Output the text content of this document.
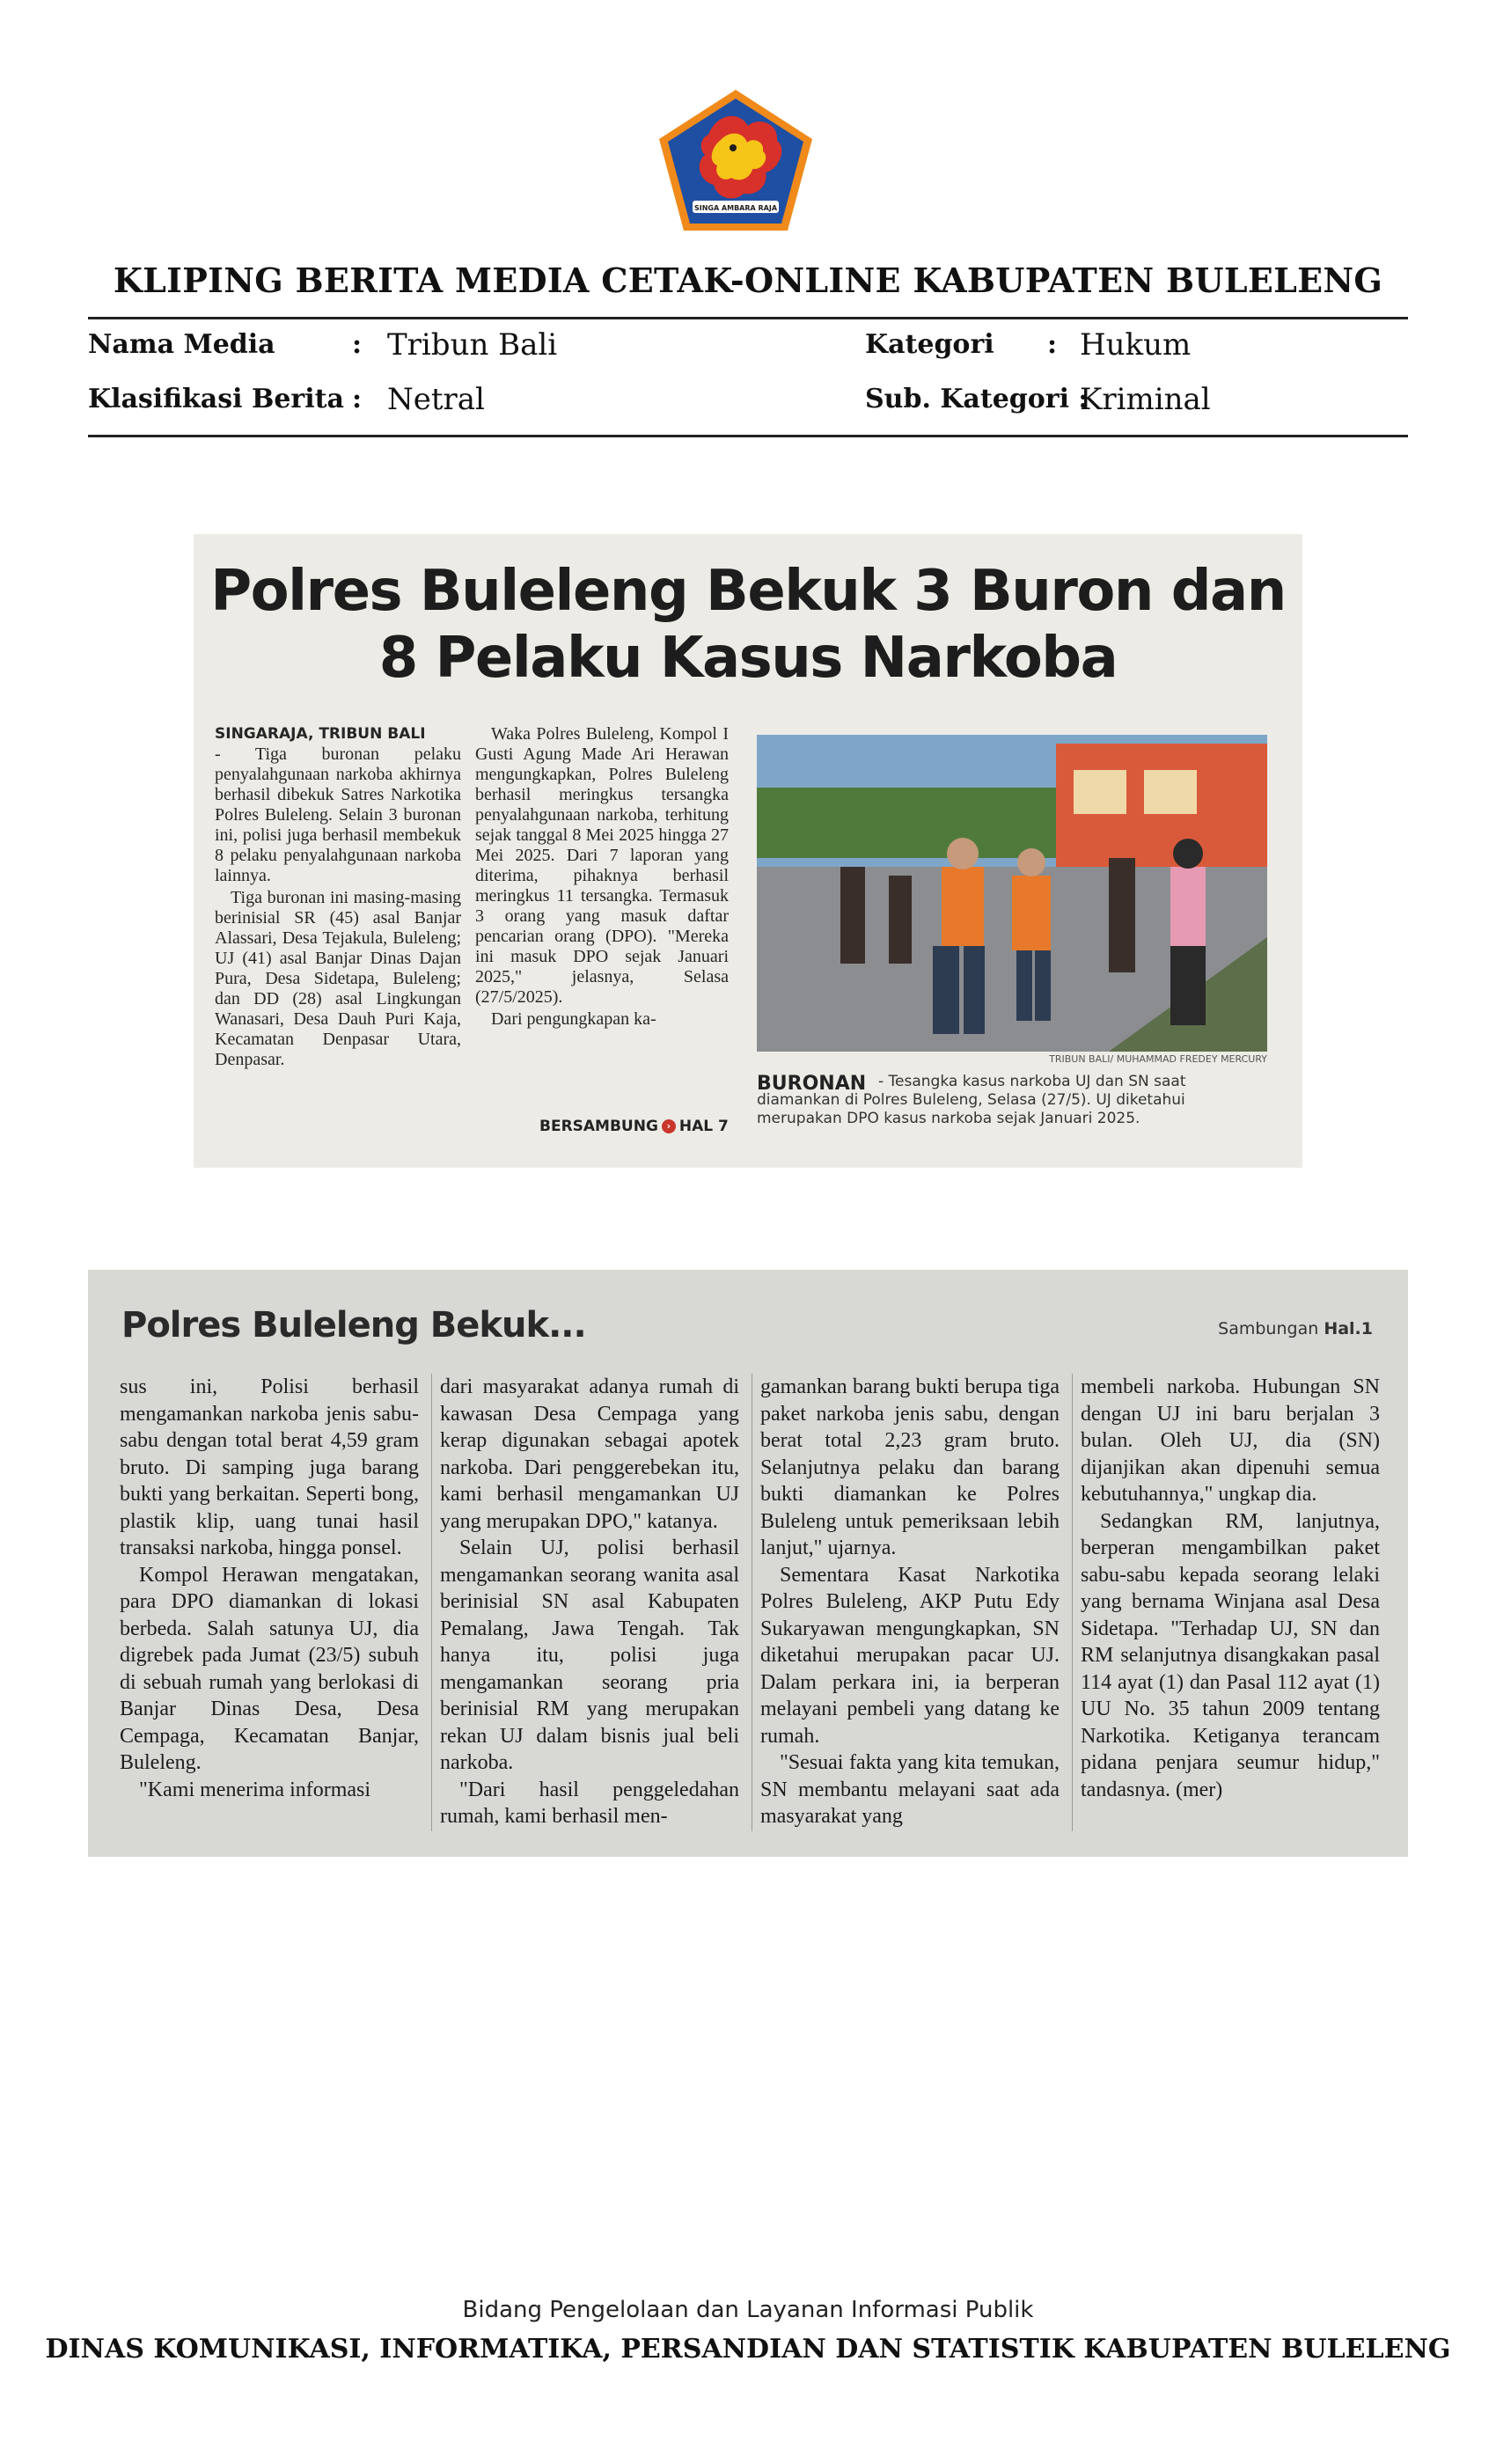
SINGA AMBARA RAJA
KLIPING BERITA MEDIA CETAK-ONLINE KABUPATEN BULELENG
Nama Media	: Tribun Bali
Klasifikasi Berita : Netral
Kategori : Hukum
Sub. Kategori :
Kriminal
Polres Buleleng Bekuk 3 Buron dan
8 Pelaku Kasus Narkoba
SINGARAJA, TRIBUN BALI

- Tiga buronan pelaku penyalahgunaan narkoba akhirnya berhasil dibekuk Satres Narkotika Polres Buleleng. Selain 3 buronan ini, polisi juga berhasil membekuk 8 pelaku penyalahgunaan narkoba lainnya.

Tiga buronan ini masing-masing berinisial SR (45) asal Banjar Alassari, Desa Tejakula, Buleleng; UJ (41) asal Banjar Dinas Dajan Pura, Desa Sidetapa, Buleleng; dan DD (28) asal Lingkungan Wanasari, Desa Dauh Puri Kaja, Kecamatan Denpasar Utara, Denpasar.

Waka Polres Buleleng, Kompol I Gusti Agung Made Ari Herawan mengungkapkan, Polres Buleleng berhasil meringkus tersangka penyalahgunaan narkoba, terhitung sejak tanggal 8 Mei 2025 hingga 27 Mei 2025. Dari 7 laporan yang diterima, pihaknya berhasil meringkus 11 tersangka. Termasuk 3 orang yang masuk daftar pencarian orang (DPO). "Mereka ini masuk DPO sejak Januari 2025," jelasnya, Selasa (27/5/2025).

Dari pengungkapan ka-

BERSAMBUNG › HAL 7
TRIBUN BALI/ MUHAMMAD FREDEY MERCURY
- Tesangka kasus narkoba UJ dan SN saat diamankan di Polres Buleleng, Selasa (27/5). UJ diketahui merupakan DPO kasus narkoba sejak Januari 2025.
BURONAN
Polres Buleleng Bekuk...	Sambungan Hal.1

sus ini, Polisi berhasil mengamankan narkoba jenis sabu-sabu dengan total berat 4,59 gram bruto. Di samping juga barang bukti yang berkaitan. Seperti bong, plastik klip, uang tunai hasil transaksi narkoba, hingga ponsel.

Kompol Herawan mengatakan, para DPO diamankan di lokasi berbeda. Salah satunya UJ, dia digrebek pada Jumat (23/5) subuh di sebuah rumah yang berlokasi di Banjar Dinas Desa, Desa Cempaga, Kecamatan Banjar, Buleleng.

"Kami menerima informasi

dari masyarakat adanya rumah di kawasan Desa Cempaga yang kerap digunakan sebagai apotek narkoba. Dari penggerebekan itu, kami berhasil mengamankan UJ yang merupakan DPO," katanya.

Selain UJ, polisi berhasil mengamankan seorang wanita asal berinisial SN asal Kabupaten Pemalang, Jawa Tengah. Tak hanya itu, polisi juga mengamankan seorang pria berinisial RM yang merupakan rekan UJ dalam bisnis jual beli narkoba.

"Dari hasil penggeledahan rumah, kami berhasil men-

gamankan barang bukti berupa tiga paket narkoba jenis sabu, dengan berat total 2,23 gram bruto. Selanjutnya pelaku dan barang bukti diamankan ke Polres Buleleng untuk pemeriksaan lebih lanjut," ujarnya.

Sementara Kasat Narkotika Polres Buleleng, AKP Putu Edy Sukaryawan mengungkapkan, SN diketahui merupakan pacar UJ. Dalam perkara ini, ia berperan melayani pembeli yang datang ke rumah.

"Sesuai fakta yang kita temukan, SN membantu melayani saat ada masyarakat yang

membeli narkoba. Hubungan SN dengan UJ ini baru berjalan 3 bulan. Oleh UJ, dia (SN) dijanjikan akan dipenuhi semua kebutuhannya," ungkap dia.

Sedangkan RM, lanjutnya, berperan mengambilkan paket sabu-sabu kepada seorang lelaki yang bernama Winjana asal Desa Sidetapa. "Terhadap UJ, SN dan RM selanjutnya disangkakan pasal 114 ayat (1) dan Pasal 112 ayat (1) UU No. 35 tahun 2009 tentang Narkotika. Ketiganya terancam pidana penjara seumur hidup," tandasnya. (mer)

Bidang Pengelolaan dan Layanan Informasi Publik
DINAS KOMUNIKASI, INFORMATIKA, PERSANDIAN DAN STATISTIK KABUPATEN BULELENG
